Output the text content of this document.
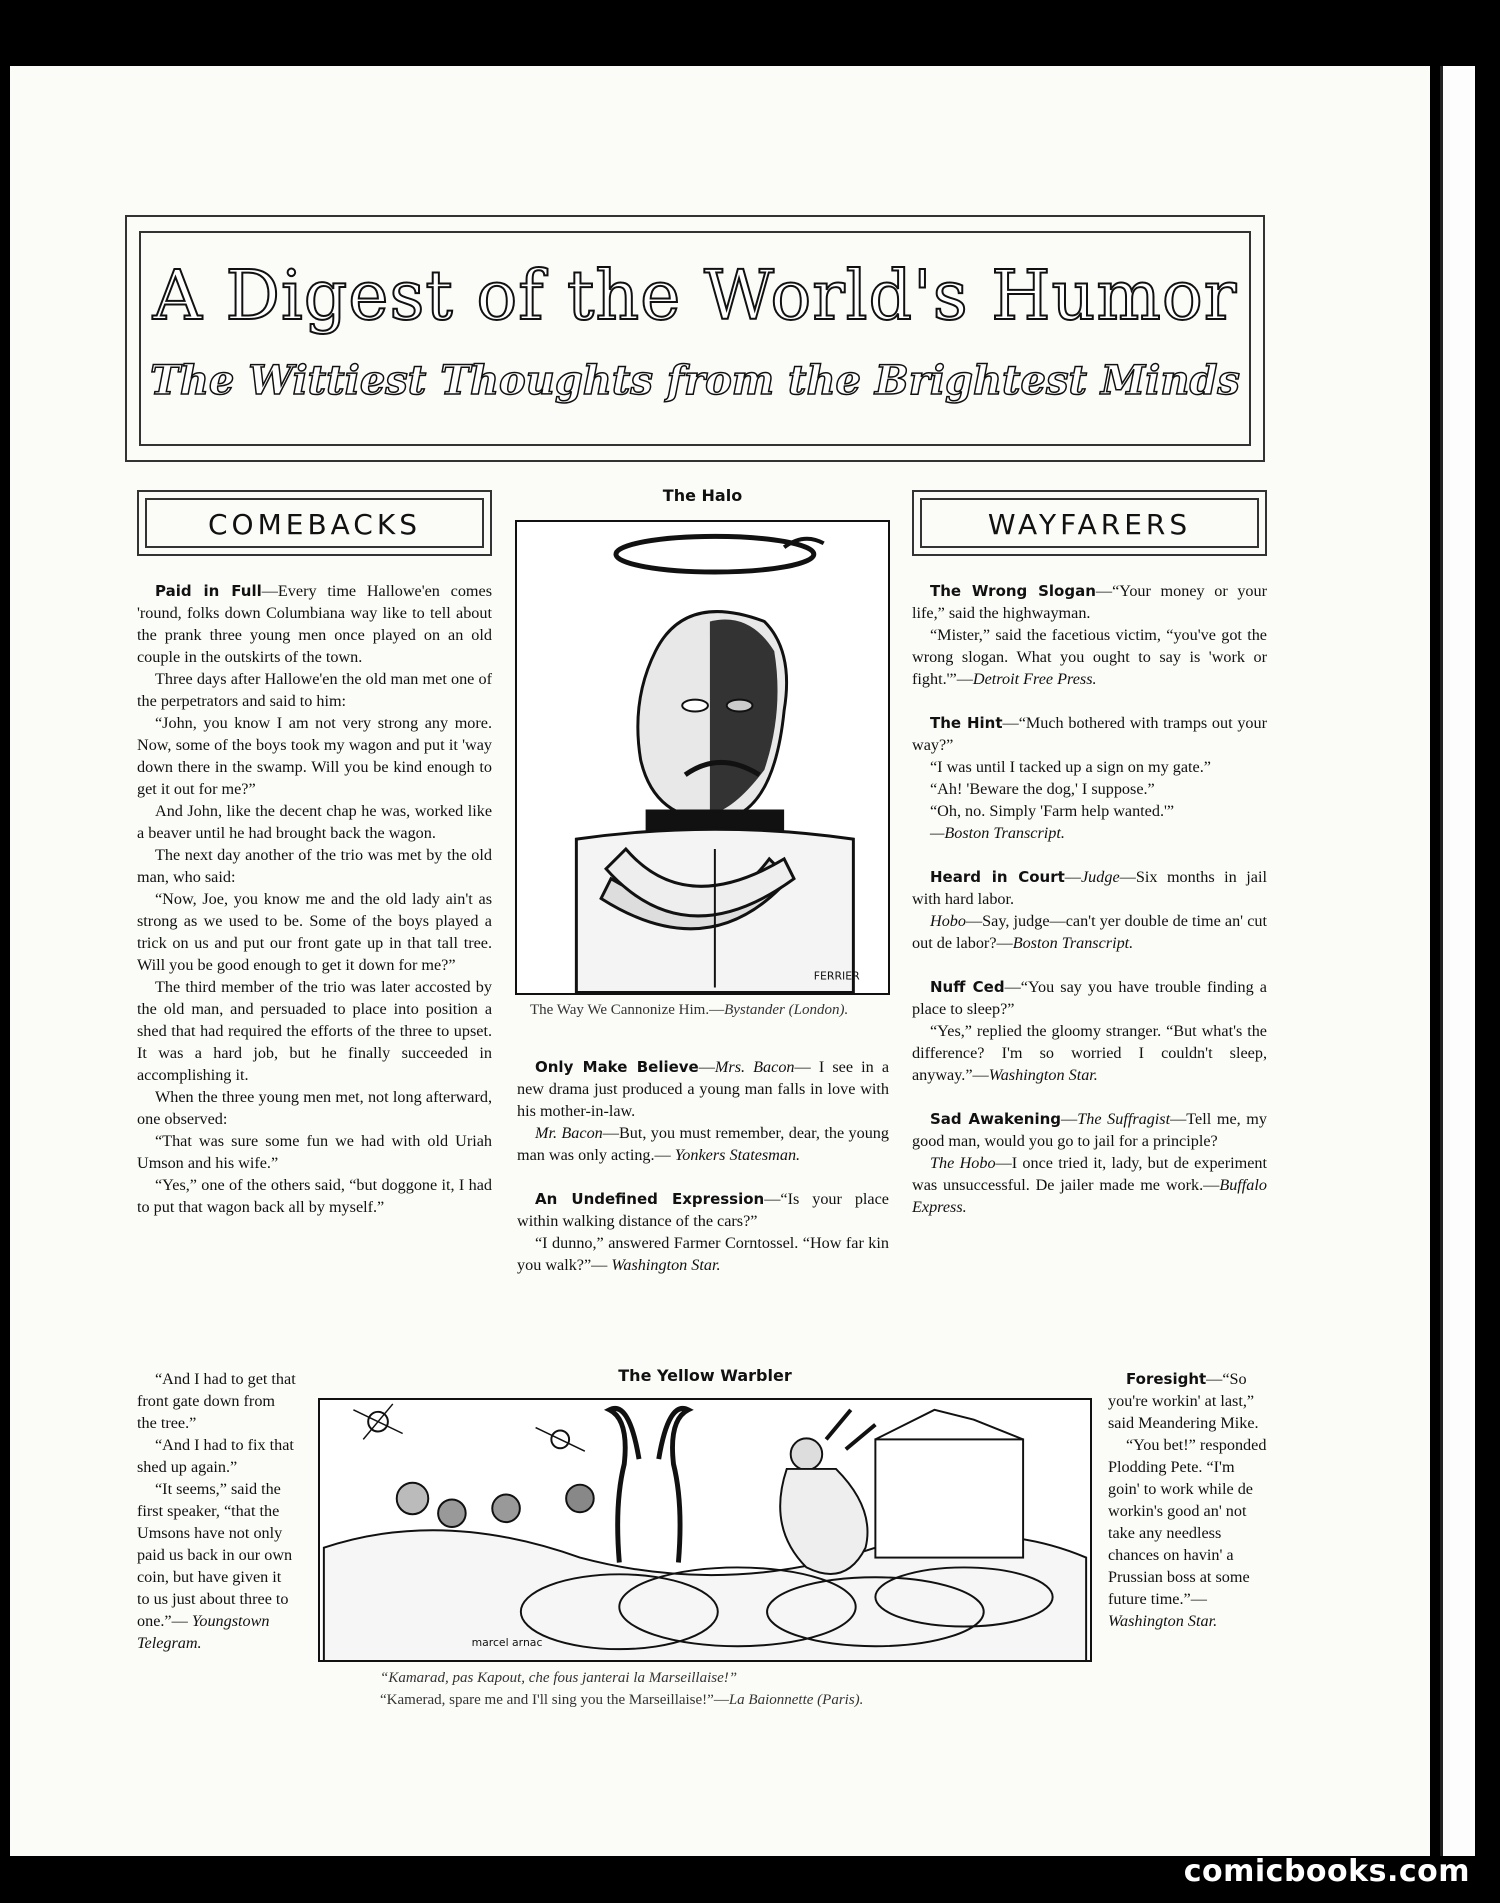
A Digest of the World's Humor
The Wittiest Thoughts from the Brightest Minds
COMEBACKS	WAYFARERS

Paid in Full—Every time Hallowe'en comes 'round, folks down Columbiana way like to tell about the prank three young men once played on an old couple in the outskirts of the town.

Three days after Hallowe'en the old man met one of the perpetrators and said to him:

“John, you know I am not very strong any more. Now, some of the boys took my wagon and put it 'way down there in the swamp. Will you be kind enough to get it out for me?”

And John, like the decent chap he was, worked like a beaver until he had brought back the wagon.

The next day another of the trio was met by the old man, who said:

“Now, Joe, you know me and the old lady ain't as strong as we used to be. Some of the boys played a trick on us and put our front gate up in that tall tree. Will you be good enough to get it down for me?”

The third member of the trio was later accosted by the old man, and persuaded to place into position a shed that had required the efforts of the three to upset. It was a hard job, but he finally succeeded in accomplishing it.

When the three young men met, not long afterward, one observed:

“That was sure some fun we had with old Uriah Umson and his wife.”

“Yes,” one of the others said, “but doggone it, I had to put that wagon back all by myself.”

“And I had to get that front gate down from the tree.”

“And I had to fix that shed up again.”

“It seems,” said the first speaker, “that the Umsons have not only paid us back in our own coin, but have given it to us just about three to one.”— Youngstown Telegram.

The Halo
FERRIER
The Way We Cannonize Him.—Bystander (London).

Only Make Believe—Mrs. Bacon— I see in a new drama just produced a young man falls in love with his mother-in-law.

Mr. Bacon—But, you must remember, dear, the young man was only acting.— Yonkers Statesman.

An Undefined Expression—“Is your place within walking distance of the cars?”

“I dunno,” answered Farmer Corntossel. “How far kin you walk?”— Washington Star.

The Wrong Slogan—“Your money or your life,” said the highwayman.

“Mister,” said the facetious victim, “you've got the wrong slogan. What you ought to say is 'work or fight.'”—Detroit Free Press.

The Hint—“Much bothered with tramps out your way?”

“I was until I tacked up a sign on my gate.”

“Ah! 'Beware the dog,' I suppose.”

“Oh, no. Simply 'Farm help wanted.'”

—Boston Transcript.

Heard in Court—Judge—Six months in jail with hard labor.

Hobo—Say, judge—can't yer double de time an' cut out de labor?—Boston Transcript.

Nuff Ced—“You say you have trouble finding a place to sleep?”

“Yes,” replied the gloomy stranger. “But what's the difference? I'm so worried I couldn't sleep, anyway.”—Washington Star.

Sad Awakening—The Suffragist—Tell me, my good man, would you go to jail for a principle?

The Hobo—I once tried it, lady, but de experiment was unsuccessful. De jailer made me work.—Buffalo Express.

Foresight—“So you're workin' at last,” said Meandering Mike.

“You bet!” responded Plodding Pete. “I'm goin' to work while de workin's good an' not take any needless chances on havin' a Prussian boss at some future time.”— Washington Star.

The Yellow Warbler
marcel arnac
“Kamarad, pas Kapout, che fous janterai la Marseillaise!”
“Kamerad, spare me and I'll sing you the Marseillaise!”—La Baionnette (Paris).
comicbooks.com
